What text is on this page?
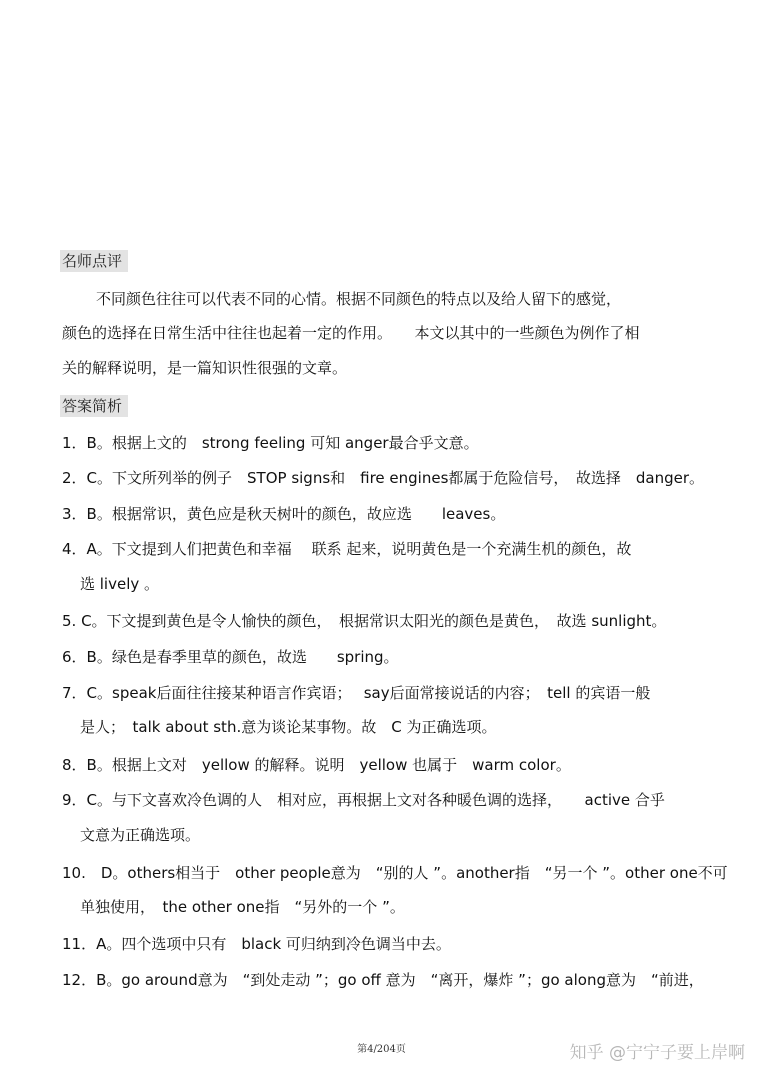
名师点评
不同颜色往往可以代表不同的心情。根据不同颜色的特点以及给人留下的感觉，
颜色的选择在日常生活中往往也起着一定的作用。　　本文以其中的一些颜色为例作了相
关的解释说明，是一篇知识性很强的文章。
答案简析
1．B。根据上文的　strong feeling 可知 anger最合乎文意。
2．C。下文所列举的例子　STOP signs和　fire engines都属于危险信号，　故选择　danger。
3．B。根据常识，黄色应是秋天树叶的颜色，故应选　　leaves。
4．A。下文提到人们把黄色和幸福　 联系 起来，说明黄色是一个充满生机的颜色，故
选 lively 。
5. C。下文提到黄色是令人愉快的颜色，　根据常识太阳光的颜色是黄色，　故选 sunlight。
6．B。绿色是春季里草的颜色，故选　　spring。
7．C。speak后面往往接某种语言作宾语；　 say后面常接说话的内容；　tell 的宾语一般
是人；　talk about sth.意为谈论某事物。故　C 为正确选项。
8．B。根据上文对　yellow 的解释。说明　yellow 也属于　warm color。
9．C。与下文喜欢冷色调的人　相对应，再根据上文对各种暖色调的选择，　　active 合乎
文意为正确选项。
10.　D。others相当于　other people意为　“别的人 ”。another指　“另一个 ”。other one不可
单独使用，　the other one指　“另外的一个 ”。
11．A。四个选项中只有　black 可归纳到冷色调当中去。
12．B。go around意为　“到处走动 ”；go off 意为　“离开，爆炸 ”；go along意为　“前进，
第4/204页	知乎 @宁宁子要上岸啊
